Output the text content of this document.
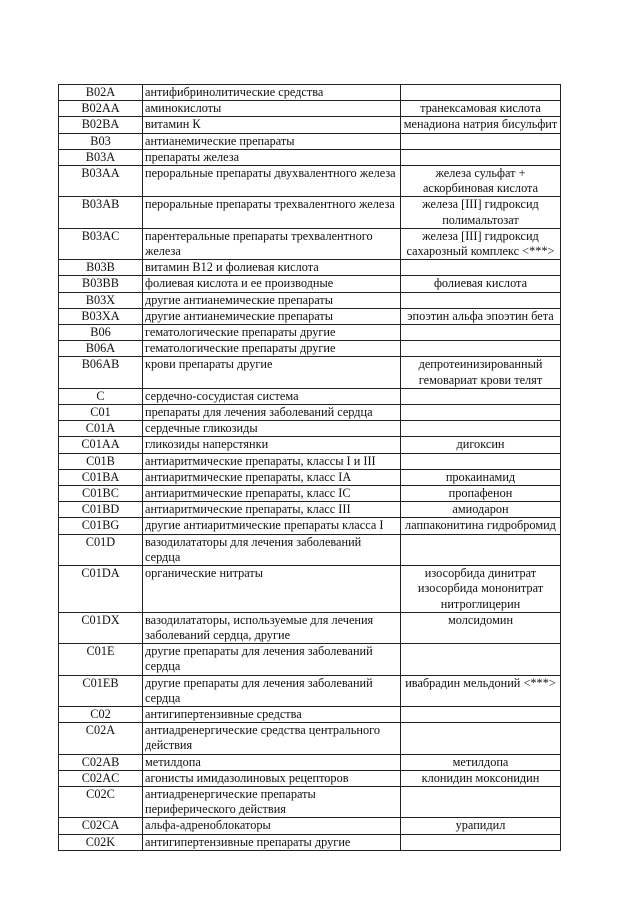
B02A	антифибринолитические средства	
B02AA	аминокислоты	транексамовая кислота
B02BA	витамин К	менадиона натрия бисульфит
B03	антианемические препараты	
B03A	препараты железа	
B03AA	пероральные препараты двухвалентного железа	железа сульфат + аскорбиновая кислота
B03AB	пероральные препараты трехвалентного железа	железа [III] гидроксид полимальтозат
B03AC	парентеральные препараты трехвалентного железа	железа [III] гидроксид сахарозный комплекс <***>
B03B	витамин B12 и фолиевая кислота	
B03BB	фолиевая кислота и ее производные	фолиевая кислота
B03X	другие антианемические препараты	
B03XA	другие антианемические препараты	эпоэтин альфа эпоэтин бета
B06	гематологические препараты другие	
B06A	гематологические препараты другие	
B06AB	крови препараты другие	депротеинизированный гемовариат крови телят
C	сердечно-сосудистая система	
C01	препараты для лечения заболеваний сердца	
C01A	сердечные гликозиды	
C01AA	гликозиды наперстянки	дигоксин
C01B	антиаритмические препараты, классы I и III	
C01BA	антиаритмические препараты, класс IA	прокаинамид
C01BC	антиаритмические препараты, класс IC	пропафенон
C01BD	антиаритмические препараты, класс III	амиодарон
C01BG	другие антиаритмические препараты класса I	лаппаконитина гидробромид
C01D	вазодилататоры для лечения заболеваний сердца	
C01DA	органические нитраты	изосорбида динитрат изосорбида мононитрат нитроглицерин
C01DX	вазодилататоры, используемые для лечения заболеваний сердца, другие	молсидомин
C01E	другие препараты для лечения заболеваний сердца	
C01EB	другие препараты для лечения заболеваний сердца	ивабрадин мельдоний <***>
C02	антигипертензивные средства	
C02A	антиадренергические средства центрального действия	
C02AB	метилдопа	метилдопа
C02AC	агонисты имидазолиновых рецепторов	клонидин моксонидин
C02C	антиадренергические препараты периферического действия	
C02CA	альфа-адреноблокаторы	урапидил
C02K	антигипертензивные препараты другие	
